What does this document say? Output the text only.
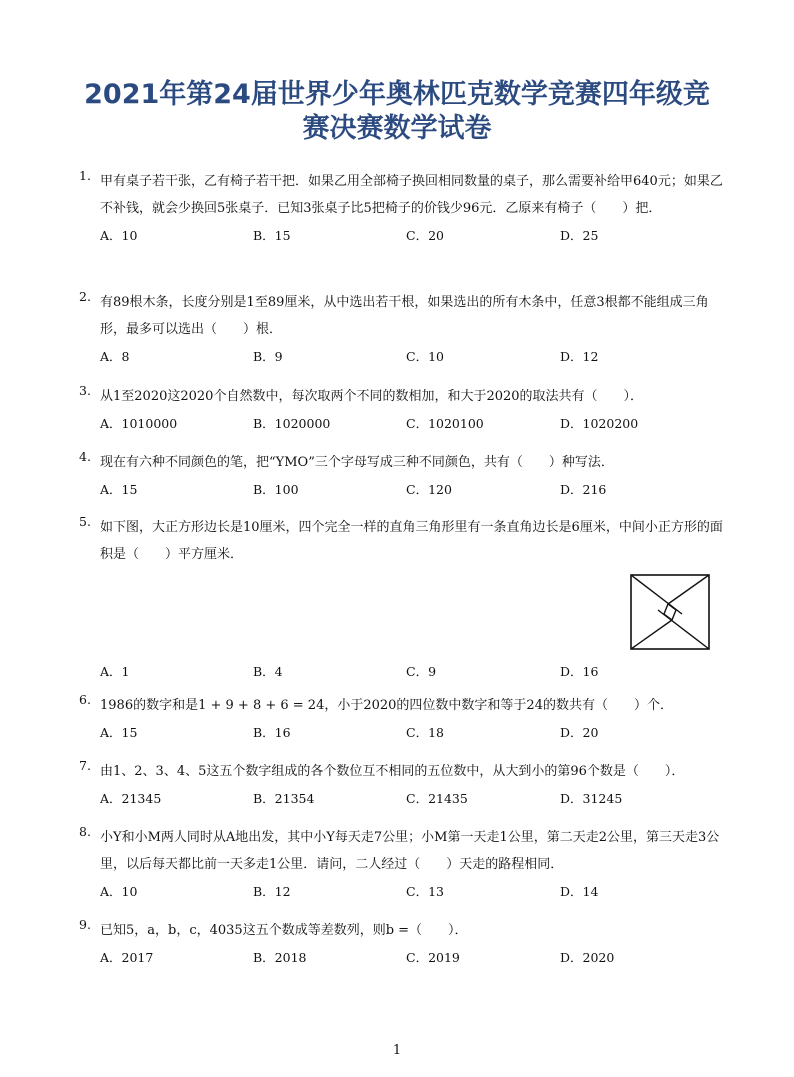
2021年第24届世界少年奥林匹克数学竞赛四年级竞
赛决赛数学试卷
1. 甲有桌子若干张，乙有椅子若干把．如果乙用全部椅子换回相同数量的桌子，那么需要补给甲640元；如果乙不补钱，就会少换回5张桌子．已知3张桌子比5把椅子的价钱少96元．乙原来有椅子（　　）把．
A．10	B．15	C．20	D．25
2. 有89根木条，长度分别是1至89厘米，从中选出若干根，如果选出的所有木条中，任意3根都不能组成三角形，最多可以选出（　　）根．
A．8	B．9	C．10	D．12
3. 从1至2020这2020个自然数中，每次取两个不同的数相加，和大于2020的取法共有（　　）．
A．1010000	B．1020000	C．1020100	D．1020200
4. 现在有六种不同颜色的笔，把“YMO”三个字母写成三种不同颜色，共有（　　）种写法．
A．15	B．100	C．120	D．216
5. 如下图，大正方形边长是10厘米，四个完全一样的直角三角形里有一条直角边长是6厘米，中间小正方形的面积是（　　）平方厘米．
A．1	B．4	C．9	D．16
6. 1986的数字和是1 + 9 + 8 + 6 = 24，小于2020的四位数中数字和等于24的数共有（　　）个．
A．15	B．16	C．18	D．20
7. 由1、2、3、4、5这五个数字组成的各个数位互不相同的五位数中，从大到小的第96个数是（　　）．
A．21345	B．21354	C．21435	D．31245
8. 小Y和小M两人同时从A地出发，其中小Y每天走7公里；小M第一天走1公里，第二天走2公里，第三天走3公里，以后每天都比前一天多走1公里．请问，二人经过（　　）天走的路程相同．
A．10	B．12	C．13	D．14
9. 已知5，a，b，c，4035这五个数成等差数列，则b =（　　）．
A．2017	B．2018	C．2019	D．2020
1
